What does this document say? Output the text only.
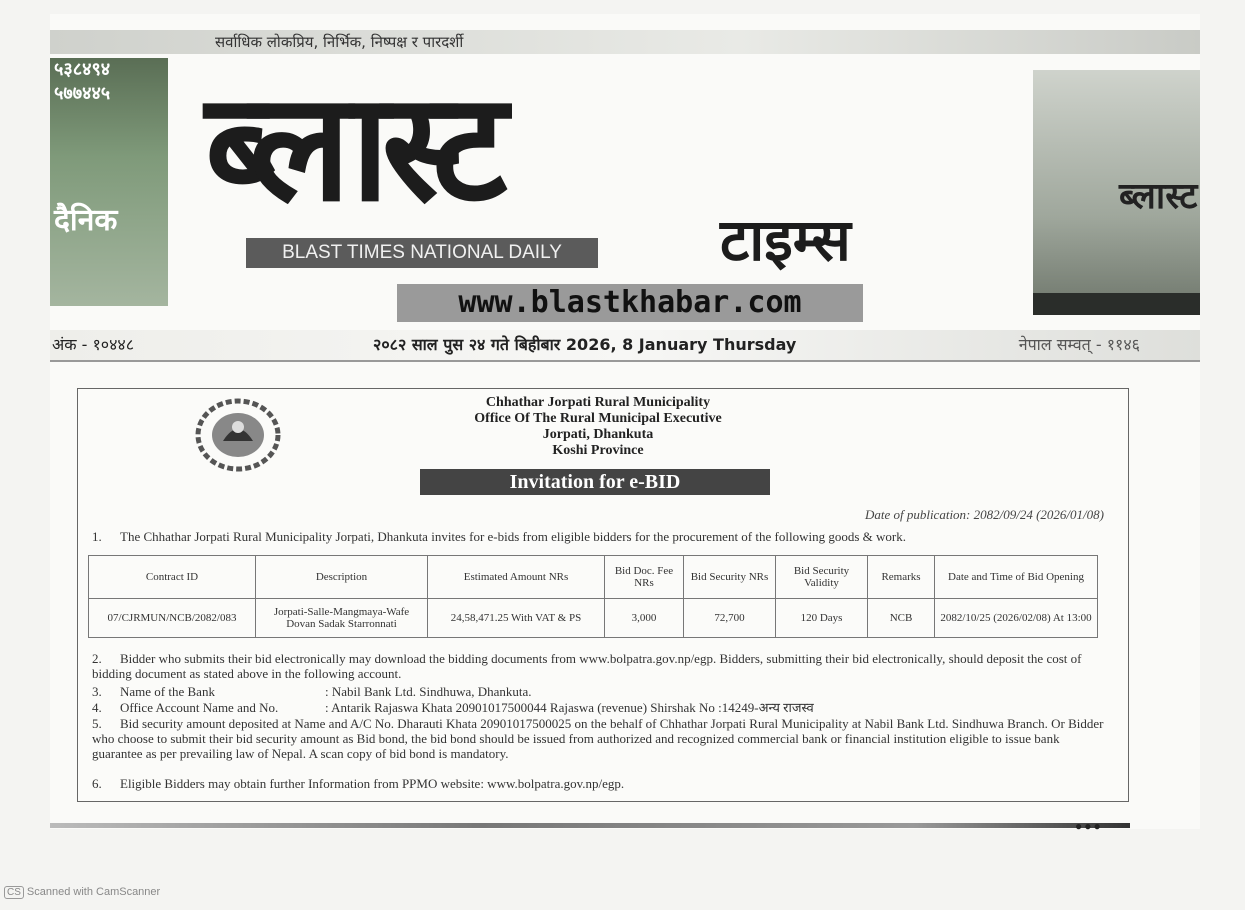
सर्वाधिक लोकप्रिय, निर्भिक, निष्पक्ष र पारदर्शी
५३८४९४
५७७४४५
दैनिक ब्लास्ट
टाइम्स
ब्लास्ट
BLAST TIMES NATIONAL DAILY
www.blastkhabar.com
अंक - १०४४८	२०८२ साल पुस २४ गते बिहीबार 2026, 8 January Thursday	नेपाल सम्वत् - ११४६
Chhathar Jorpati Rural Municipality
Office Of The Rural Municipal Executive
Jorpati, Dhankuta
Koshi Province
Invitation for e-BID
Date of publication: 2082/09/24 (2026/01/08)
1. The Chhathar Jorpati Rural Municipality Jorpati, Dhankuta invites for e-bids from eligible bidders for the procurement of the following goods & work.
Contract ID	Description	Estimated Amount NRs	Bid Doc. Fee NRs	Bid Security NRs	Bid Security Validity	Remarks	Date and Time of Bid Opening
07/CJRMUN/NCB/2082/083	Jorpati-Salle-Mangmaya-Wafe Dovan Sadak Starronnati	24,58,471.25 With VAT & PS	3,000	72,700	120 Days	NCB	2082/10/25 (2026/02/08) At 13:00
2. Bidder who submits their bid electronically may download the bidding documents from www.bolpatra.gov.np/egp. Bidders, submitting their bid electronically, should deposit the cost of bidding document as stated above in the following account.
3. Name of the Bank	: Nabil Bank Ltd. Sindhuwa, Dhankuta.
4. Office Account Name and No.	: Antarik Rajaswa Khata 20901017500044 Rajaswa (revenue) Shirshak No :14249-अन्य राजस्व
5. Bid security amount deposited at Name and A/C No. Dharauti Khata 20901017500025 on the behalf of Chhathar Jorpati Rural Municipality at Nabil Bank Ltd. Sindhuwa Branch. Or Bidder who choose to submit their bid security amount as Bid bond, the bid bond should be issued from authorized and recognized commercial bank or financial institution eligible to issue bank guarantee as per prevailing law of Nepal. A scan copy of bid bond is mandatory.
6. Eligible Bidders may obtain further Information from PPMO website: www.bolpatra.gov.np/egp.
●●●
CS Scanned with CamScanner
